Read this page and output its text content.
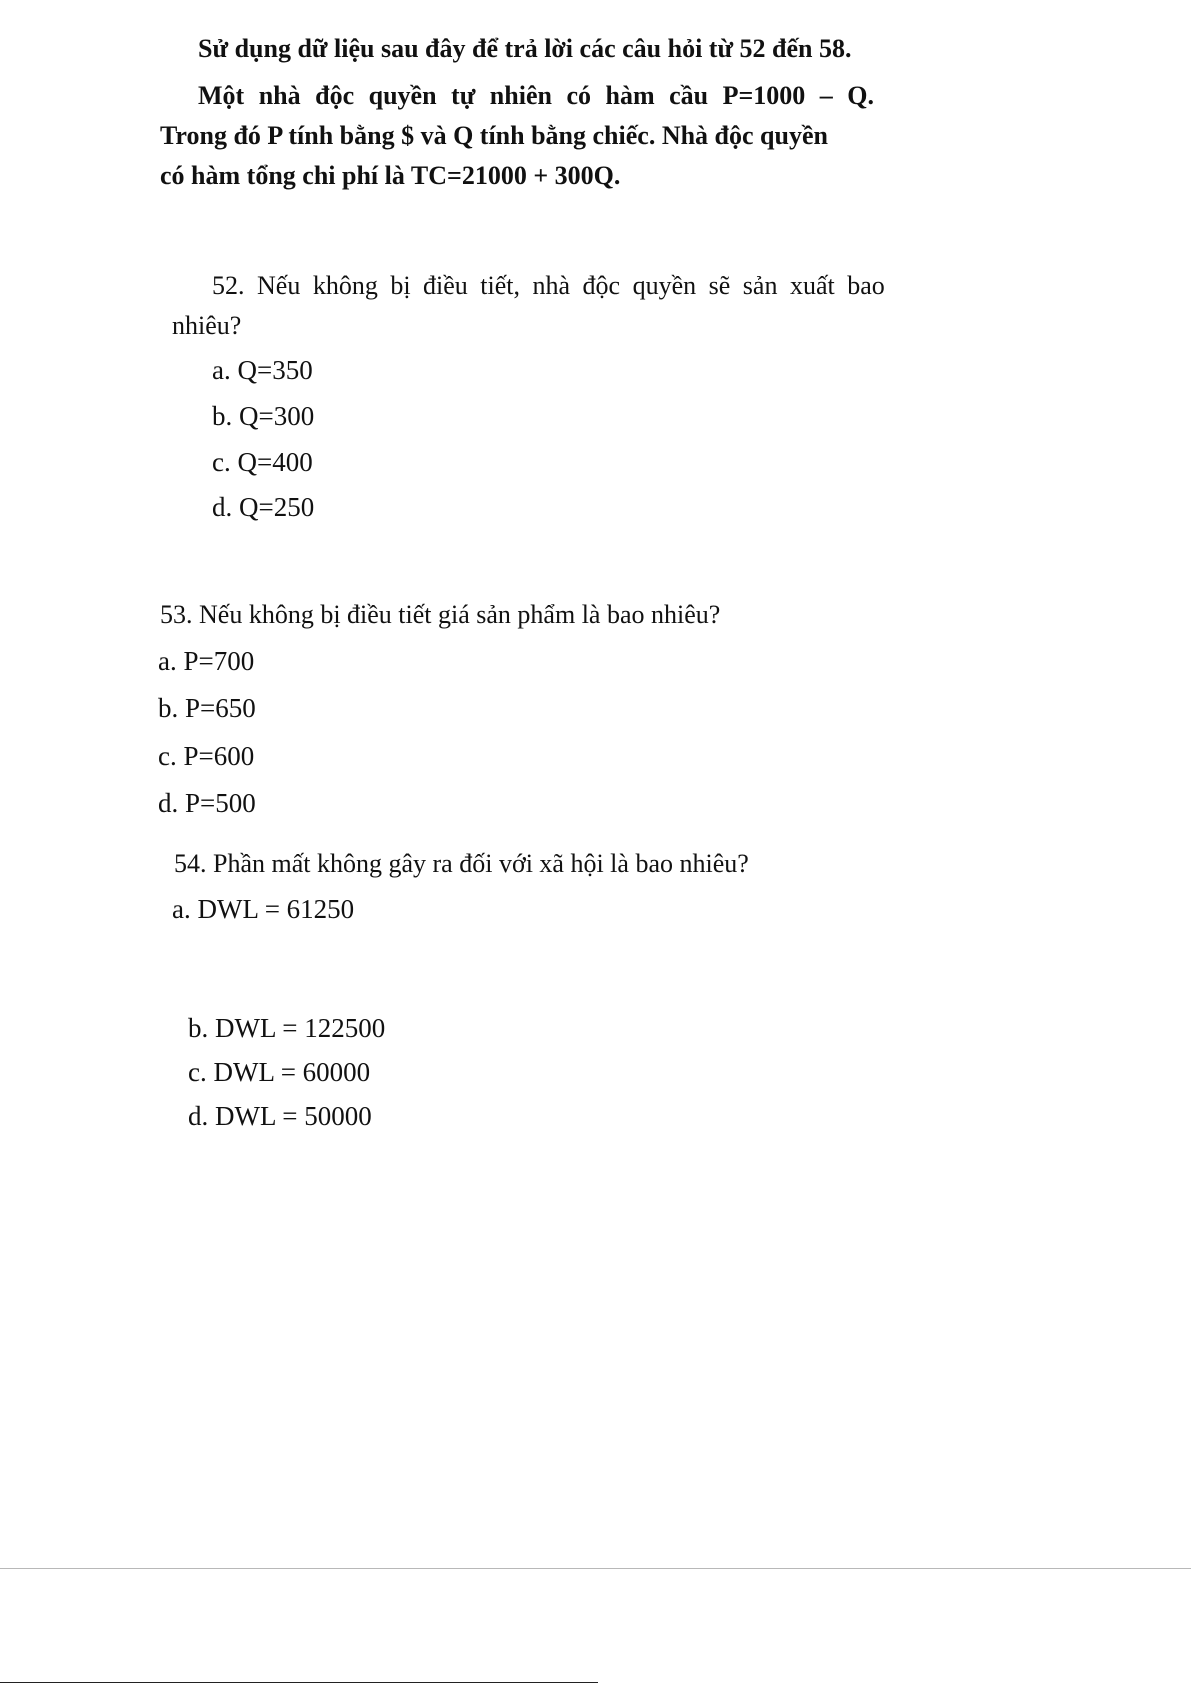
Sử dụng dữ liệu sau đây để trả lời các câu hỏi từ 52 đến 58.
Một nhà độc quyền tự nhiên có hàm cầu P=1000 – Q.
Trong đó P tính bằng $ và Q tính bằng chiếc. Nhà độc quyền
có hàm tổng chi phí là TC=21000 + 300Q.
52. Nếu không bị điều tiết, nhà độc quyền sẽ sản xuất bao
nhiêu?
a. Q=350
b. Q=300
c. Q=400
d. Q=250
53. Nếu không bị điều tiết giá sản phẩm là bao nhiêu?
a. P=700
b. P=650
c. P=600
d. P=500
54. Phần mất không gây ra đối với xã hội là bao nhiêu?
a. DWL = 61250
b. DWL = 122500
c. DWL = 60000
d. DWL = 50000
